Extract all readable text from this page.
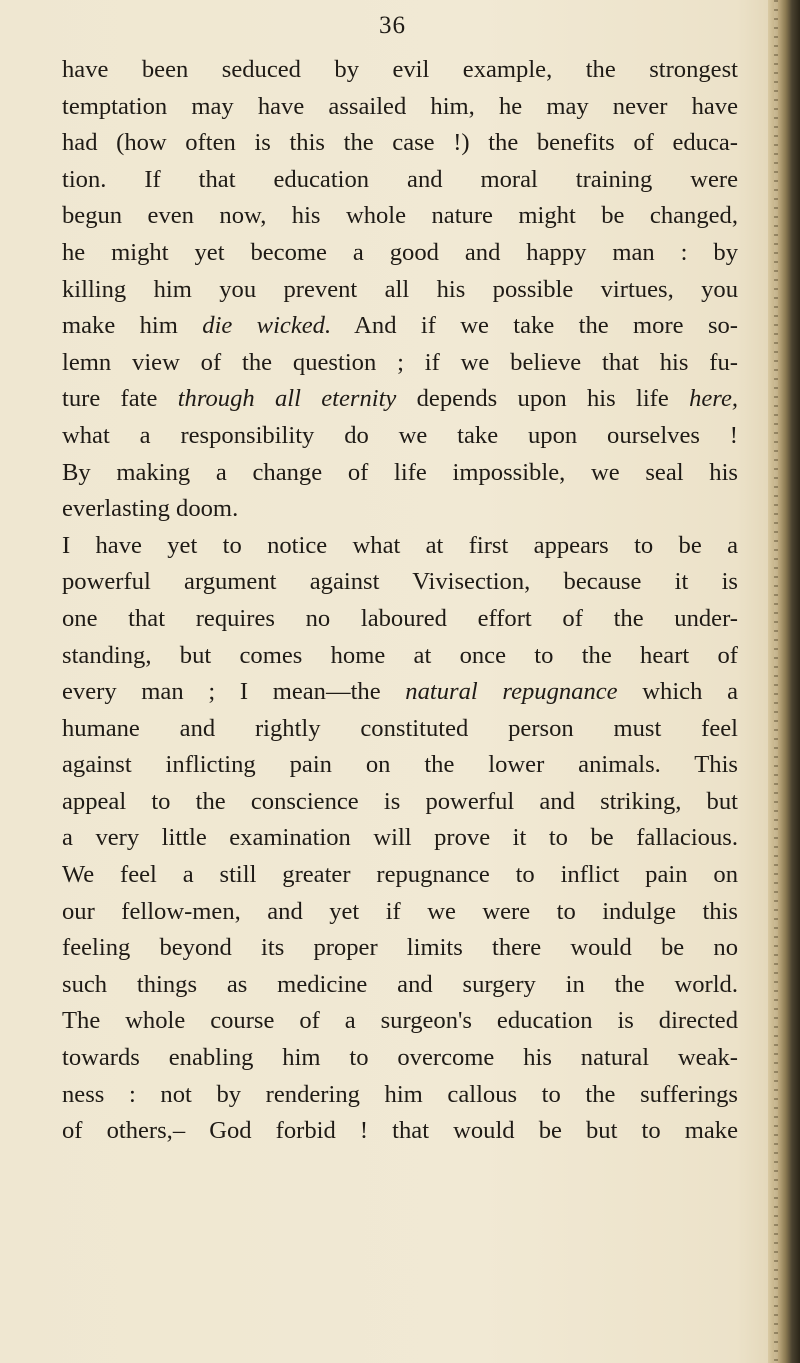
36
have been seduced by evil example, the strongest
temptation may have assailed him, he may never have
had (how often is this the case !) the benefits of educa-
tion. If that education and moral training were
begun even now, his whole nature might be changed,
he might yet become a good and happy man : by
killing him you prevent all his possible virtues, you
make him die wicked. And if we take the more so-
lemn view of the question ; if we believe that his fu-
ture fate through all eternity depends upon his life here,
what a responsibility do we take upon ourselves !
By making a change of life impossible, we seal his
everlasting doom.
I have yet to notice what at first appears to be a
powerful argument against Vivisection, because it is
one that requires no laboured effort of the under-
standing, but comes home at once to the heart of
every man ; I mean—the natural repugnance which a
humane and rightly constituted person must feel
against inflicting pain on the lower animals. This
appeal to the conscience is powerful and striking, but
a very little examination will prove it to be fallacious.
We feel a still greater repugnance to inflict pain on
our fellow-men, and yet if we were to indulge this
feeling beyond its proper limits there would be no
such things as medicine and surgery in the world.
The whole course of a surgeon's education is directed
towards enabling him to overcome his natural weak-
ness : not by rendering him callous to the sufferings
of others,– God forbid ! that would be but to make
